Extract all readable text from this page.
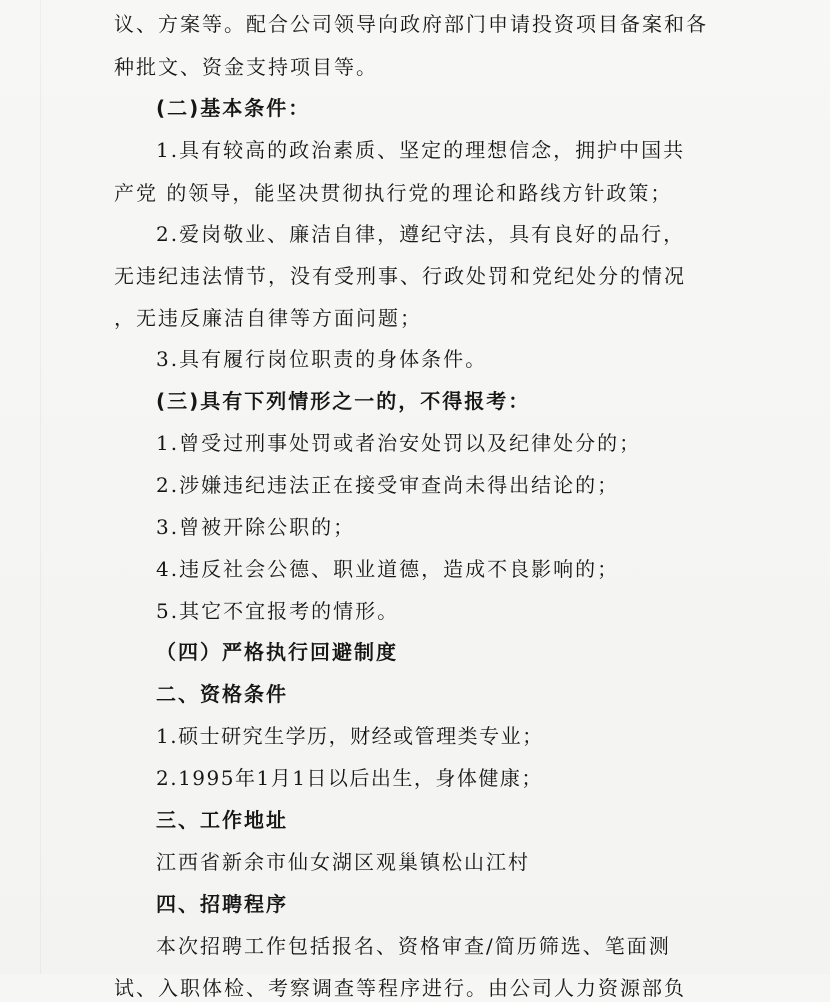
议、方案等。配合公司领导向政府部门申请投资项目备案和各
种批文、资金支持项目等。
(二)基本条件：
1.具有较高的政治素质、坚定的理想信念，拥护中国共
产党 的领导，能坚决贯彻执行党的理论和路线方针政策；
2.爱岗敬业、廉洁自律，遵纪守法，具有良好的品行，
无违纪违法情节，没有受刑事、行政处罚和党纪处分的情况
，无违反廉洁自律等方面问题；
3.具有履行岗位职责的身体条件。
(三)具有下列情形之一的，不得报考：
1.曾受过刑事处罚或者治安处罚以及纪律处分的；
2.涉嫌违纪违法正在接受审查尚未得出结论的；
3.曾被开除公职的；
4.违反社会公德、职业道德，造成不良影响的；
5.其它不宜报考的情形。
（四）严格执行回避制度
二、资格条件
1.硕士研究生学历，财经或管理类专业；
2.1995年1月1日以后出生，身体健康；
三、工作地址
江西省新余市仙女湖区观巢镇松山江村
四、招聘程序
本次招聘工作包括报名、资格审查/简历筛选、笔面测
试、入职体检、考察调查等程序进行。由公司人力资源部负
